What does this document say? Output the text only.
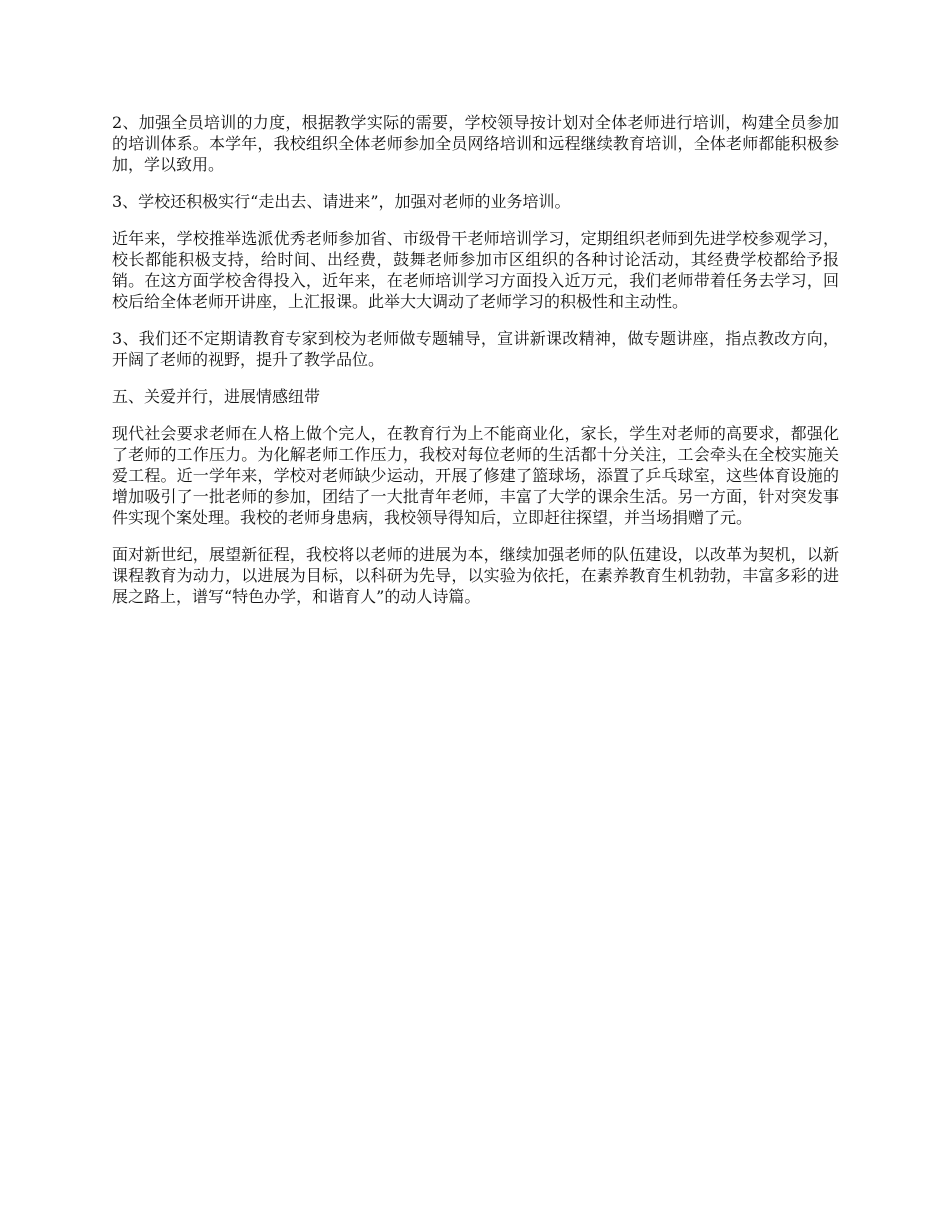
2、加强全员培训的力度，根据教学实际的需要，学校领导按计划对全体老师进行培训，构建全员参加的培训体系。本学年，我校组织全体老师参加全员网络培训和远程继续教育培训，全体老师都能积极参加，学以致用。

3、学校还积极实行“走出去、请进来”，加强对老师的业务培训。

近年来，学校推举选派优秀老师参加省、市级骨干老师培训学习，定期组织老师到先进学校参观学习，校长都能积极支持，给时间、出经费，鼓舞老师参加市区组织的各种讨论活动，其经费学校都给予报销。在这方面学校舍得投入，近年来，在老师培训学习方面投入近万元，我们老师带着任务去学习，回校后给全体老师开讲座，上汇报课。此举大大调动了老师学习的积极性和主动性。

3、我们还不定期请教育专家到校为老师做专题辅导，宣讲新课改精神，做专题讲座，指点教改方向，开阔了老师的视野，提升了教学品位。

五、关爱并行，进展情感纽带

现代社会要求老师在人格上做个完人，在教育行为上不能商业化，家长，学生对老师的高要求，都强化了老师的工作压力。为化解老师工作压力，我校对每位老师的生活都十分关注，工会牵头在全校实施关爱工程。近一学年来，学校对老师缺少运动，开展了修建了篮球场，添置了乒乓球室，这些体育设施的增加吸引了一批老师的参加，团结了一大批青年老师，丰富了大学的课余生活。另一方面，针对突发事件实现个案处理。我校的老师身患病，我校领导得知后，立即赶往探望，并当场捐赠了元。

面对新世纪，展望新征程，我校将以老师的进展为本，继续加强老师的队伍建设，以改革为契机，以新课程教育为动力，以进展为目标，以科研为先导，以实验为依托，在素养教育生机勃勃，丰富多彩的进展之路上，谱写“特色办学，和谐育人”的动人诗篇。
